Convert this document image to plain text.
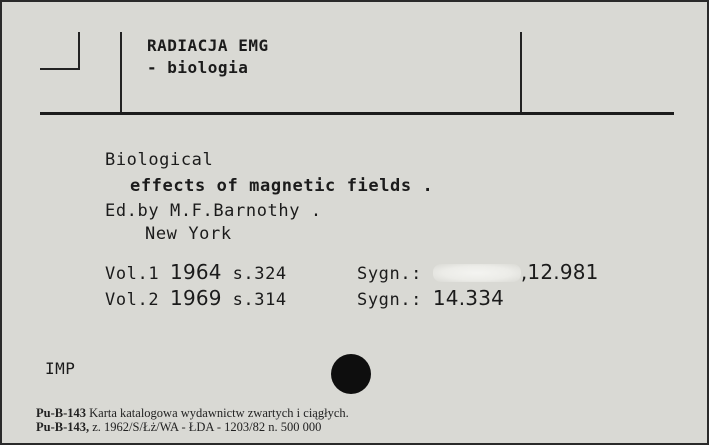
RADIACJA EMG
- biologia
Biological
effects of magnetic fields .
Ed.by M.F.Barnothy .
New York
Vol.1 1964 s.324
Vol.2 1969 s.314
Sygn.:	,12.981
Sygn.: 14.334
IMP
Pu-B-143 Karta katalogowa wydawnictw zwartych i ciągłych.
Pu-B-143, z. 1962/S/Łż/WA - ŁDA - 1203/82 n. 500 000
